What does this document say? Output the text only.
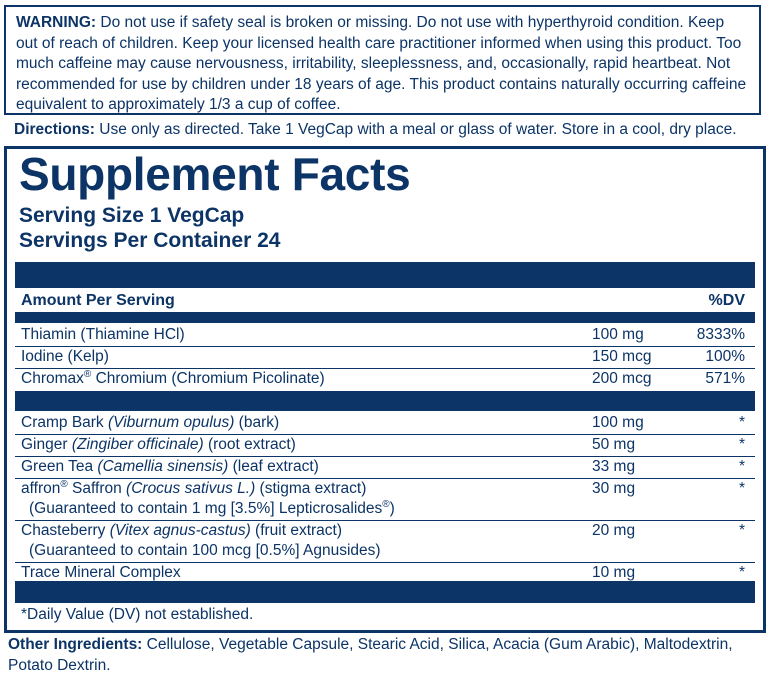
WARNING: Do not use if safety seal is broken or missing. Do not use with hyperthyroid condition. Keep out of reach of children. Keep your licensed health care practitioner informed when using this product. Too much caffeine may cause nervousness, irritability, sleeplessness, and, occasionally, rapid heartbeat. Not recommended for use by children under 18 years of age. This product contains naturally occurring caffeine equivalent to approximately 1/3 a cup of coffee.
Directions: Use only as directed. Take 1 VegCap with a meal or glass of water. Store in a cool, dry place.
Supplement Facts
Serving Size 1 VegCap
Servings Per Container 24
Amount Per Serving	%DV
Thiamin (Thiamine HCl)	100 mg	8333%
Iodine (Kelp)	150 mcg	100%
Chromax® Chromium (Chromium Picolinate)	200 mcg	571%
Cramp Bark (Viburnum opulus) (bark)	100 mg	*
Ginger (Zingiber officinale) (root extract)	50 mg	*
Green Tea (Camellia sinensis) (leaf extract)	33 mg	*
affron® Saffron (Crocus sativus L.) (stigma extract)
(Guaranteed to contain 1 mg [3.5%] Lepticrosalides®)
30 mg	*
Chasteberry (Vitex agnus-castus) (fruit extract)
(Guaranteed to contain 100 mcg [0.5%] Agnusides)
20 mg	*
Trace Mineral Complex	10 mg	*
*Daily Value (DV) not established.
Other Ingredients: Cellulose, Vegetable Capsule, Stearic Acid, Silica, Acacia (Gum Arabic), Maltodextrin, Potato Dextrin.
